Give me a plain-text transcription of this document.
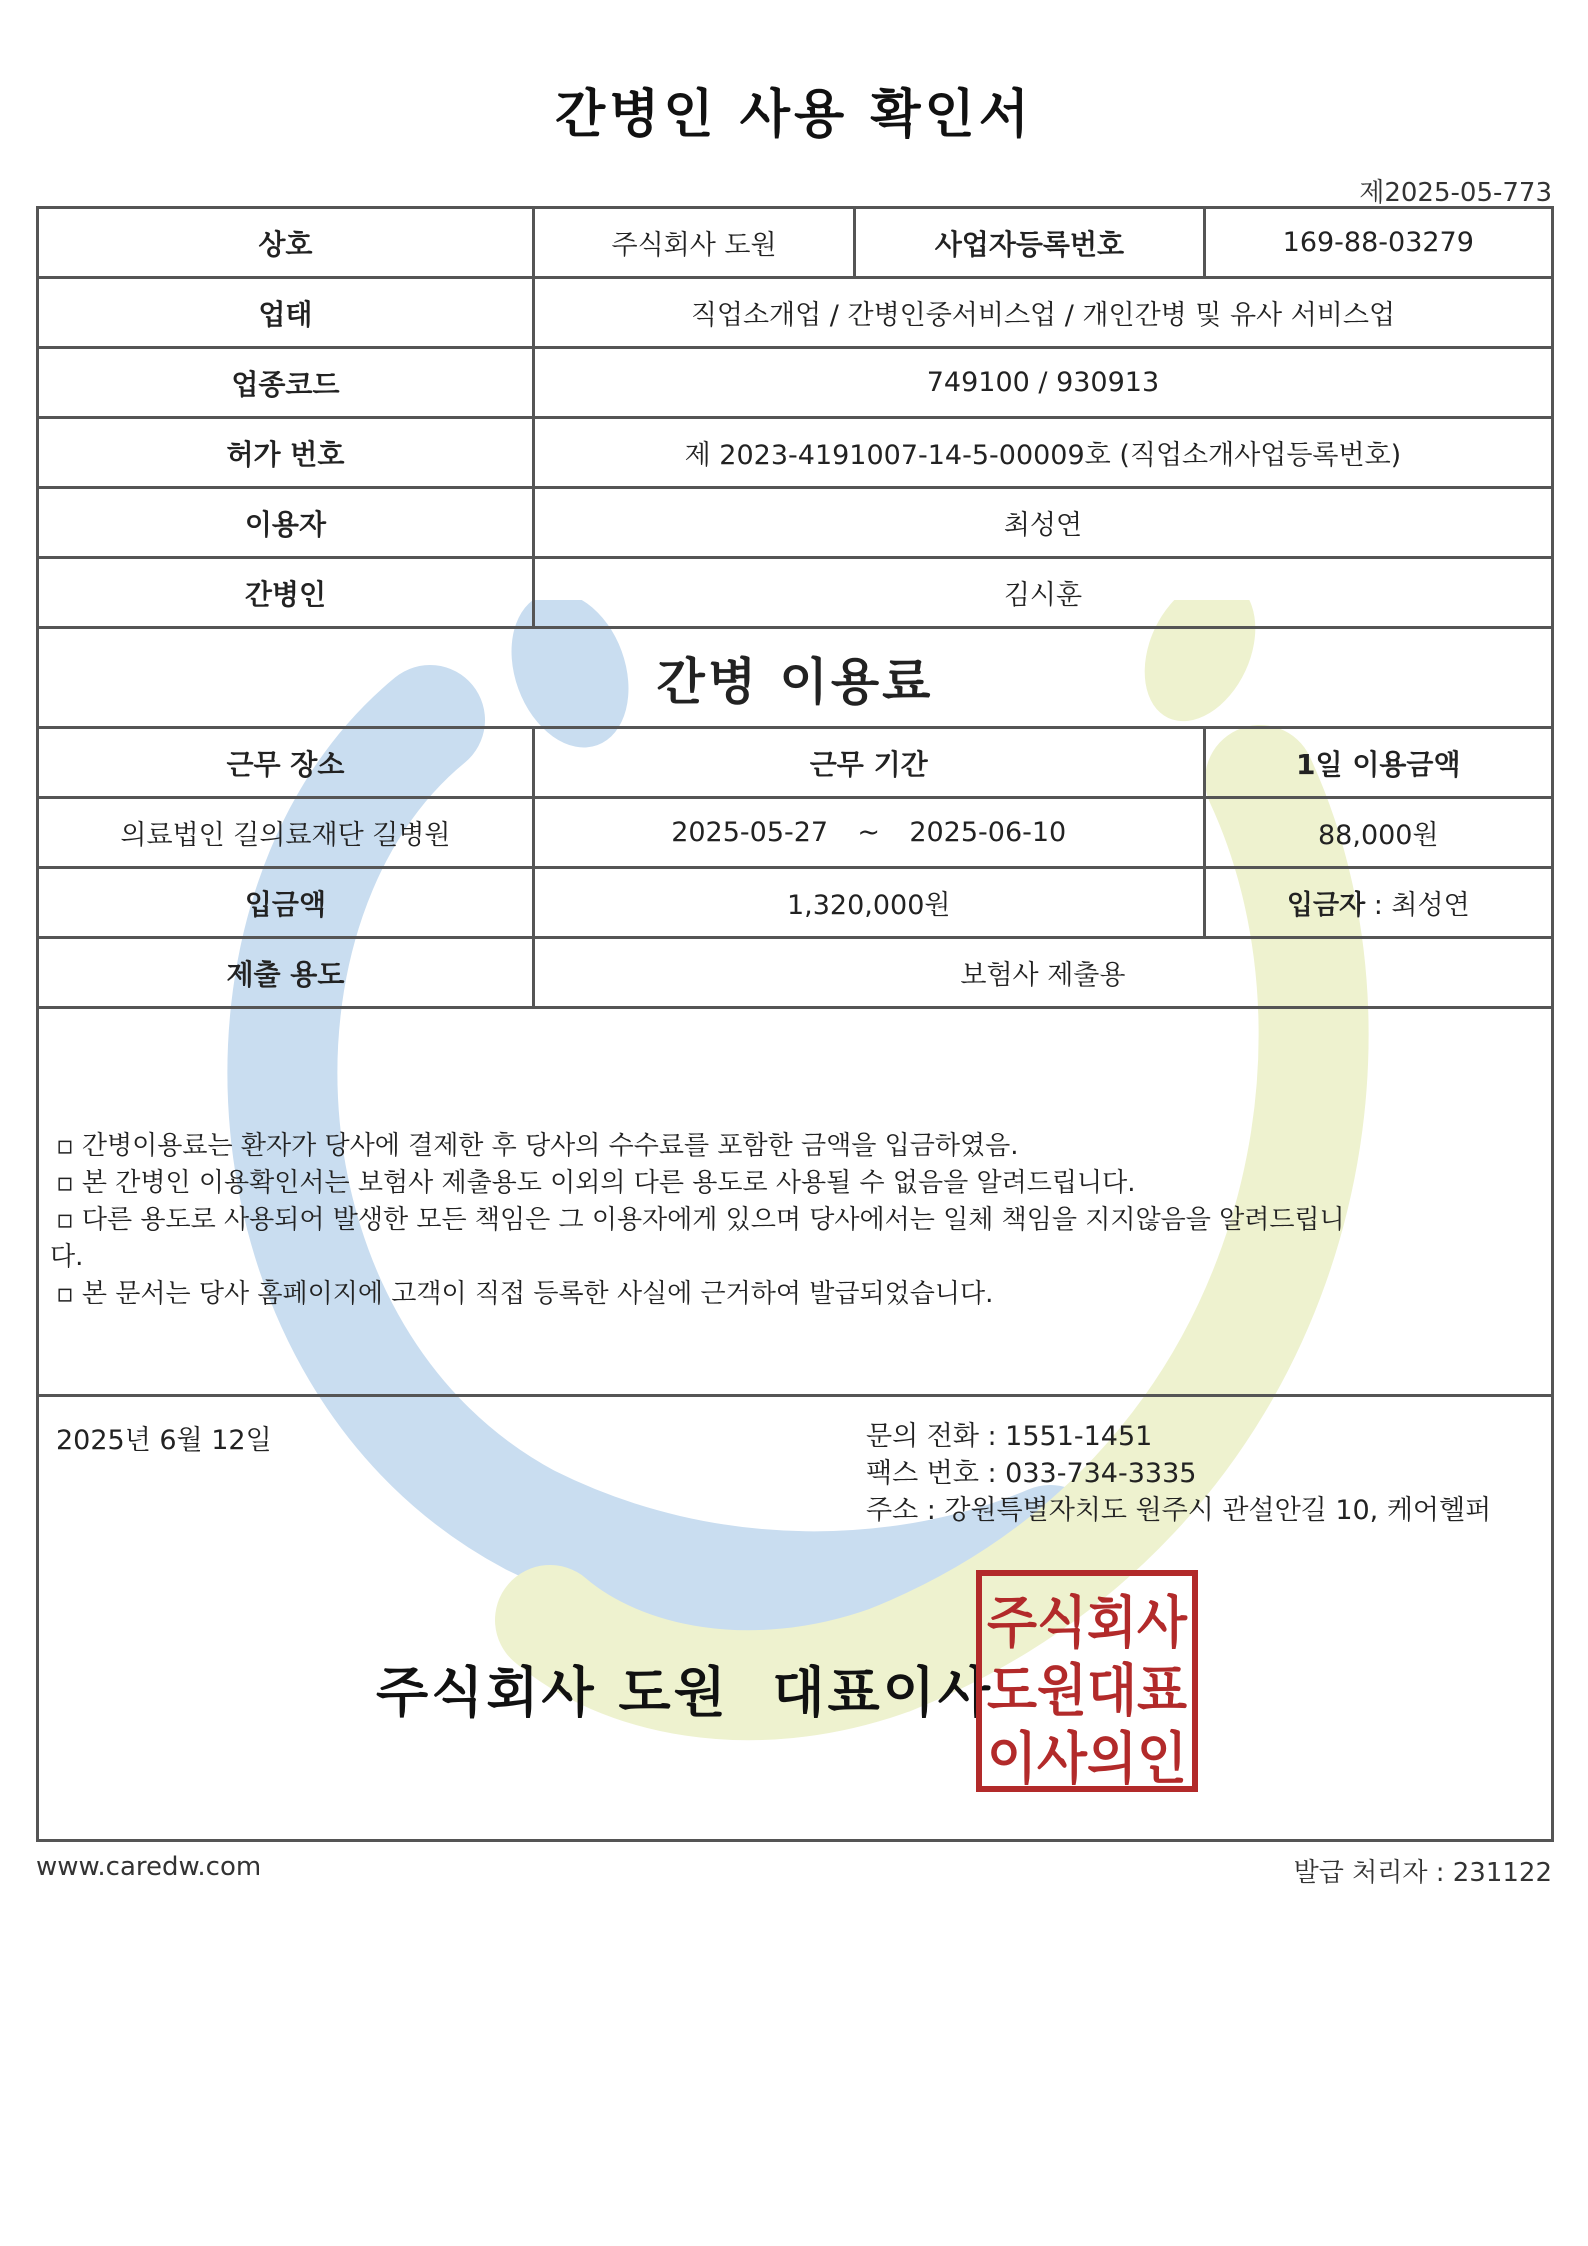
간병인 사용 확인서
제2025-05-773
상호	주식회사 도원	사업자등록번호	169-88-03279
업태	직업소개업 / 간병인중서비스업 / 개인간병 및 유사 서비스업		
업종코드	749100 / 930913		
허가 번호	제 2023-4191007-14-5-00009호 (직업소개사업등록번호)		
이용자	최성연		
간병인	김시훈		
간병 이용료			
근무 장소	근무 기간		1일 이용금액
의료법인 길의료재단 길병원	2025-05-27 ~ 2025-06-10		88,000원
입금액	1,320,000원		입금자 : 최성연
제출 용도	보험사 제출용		
▫ 간병이용료는 환자가 당사에 결제한 후 당사의 수수료를 포함한 금액을 입금하였음.
▫ 본 간병인 이용확인서는 보험사 제출용도 이외의 다른 용도로 사용될 수 없음을 알려드립니다.
▫ 다른 용도로 사용되어 발생한 모든 책임은 그 이용자에게 있으며 당사에서는 일체 책임을 지지않음을 알려드립니
다.
▫ 본 문서는 당사 홈페이지에 고객이 직접 등록한 사실에 근거하여 발급되었습니다.
2025년 6월 12일	문의 전화 : 1551-1451
팩스 번호 : 033-734-3335
주소 : 강원특별자치도 원주시 관설안길 10, 케어헬퍼
주식회사 도원  대표이사
주식회사
도원대표
이사의인
www.caredw.com	발급 처리자 : 231122
